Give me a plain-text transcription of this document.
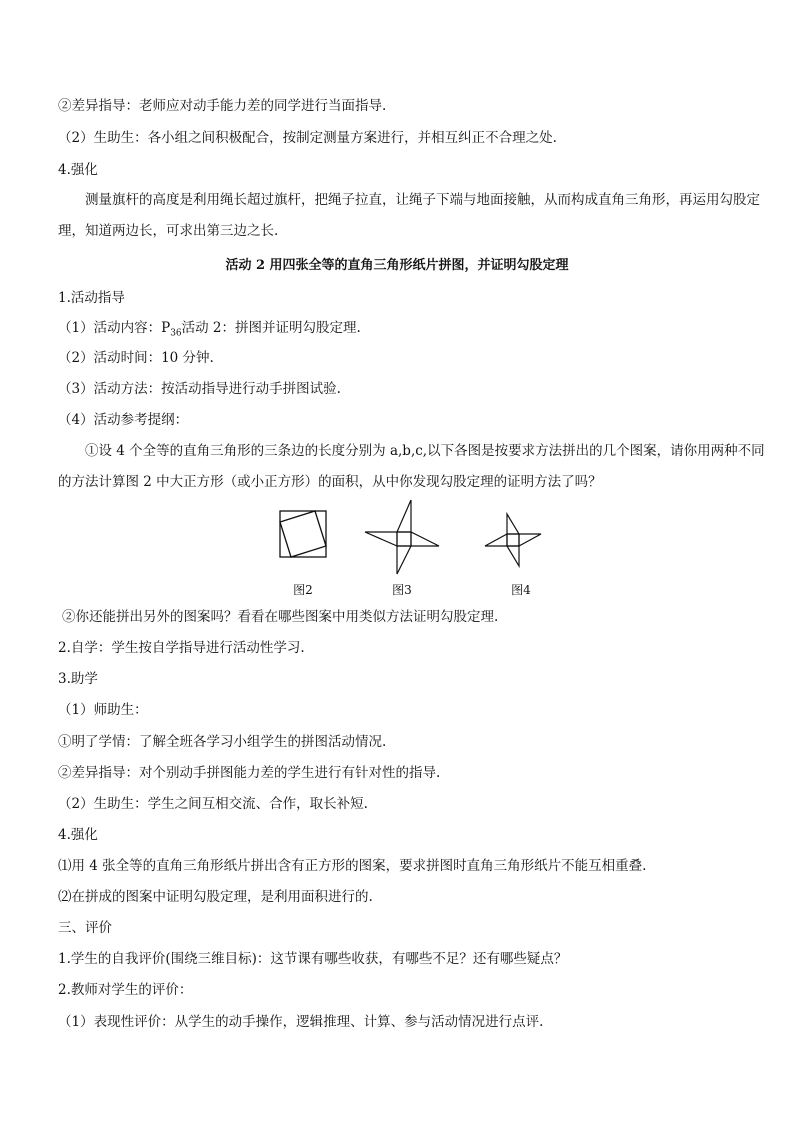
②差异指导：老师应对动手能力差的同学进行当面指导.
（2）生助生：各小组之间积极配合，按制定测量方案进行，并相互纠正不合理之处.
4.强化
测量旗杆的高度是利用绳长超过旗杆，把绳子拉直，让绳子下端与地面接触，从而构成直角三角形，再运用勾股定理，知道两边长，可求出第三边之长.
活动 2 用四张全等的直角三角形纸片拼图，并证明勾股定理
1.活动指导
（1）活动内容：$P_{36}$活动 2：拼图并证明勾股定理.
（2）活动时间：10 分钟.
（3）活动方法：按活动指导进行动手拼图试验.
（4）活动参考提纲：
①设 4 个全等的直角三角形的三条边的长度分别为 a,b,c,以下各图是按要求方法拼出的几个图案，请你用两种不同的方法计算图 2 中大正方形（或小正方形）的面积，从中你发现勾股定理的证明方法了吗？
图2	图3	图4
②你还能拼出另外的图案吗？看看在哪些图案中用类似方法证明勾股定理.
2.自学：学生按自学指导进行活动性学习.
3.助学
（1）师助生：
①明了学情：了解全班各学习小组学生的拼图活动情况.
②差异指导：对个别动手拼图能力差的学生进行有针对性的指导.
（2）生助生：学生之间互相交流、合作，取长补短.
4.强化
⑴用 4 张全等的直角三角形纸片拼出含有正方形的图案，要求拼图时直角三角形纸片不能互相重叠.
⑵在拼成的图案中证明勾股定理，是利用面积进行的.
三、评价
1.学生的自我评价(围绕三维目标)：这节课有哪些收获，有哪些不足？还有哪些疑点？
2.教师对学生的评价：
（1）表现性评价：从学生的动手操作，逻辑推理、计算、参与活动情况进行点评.
